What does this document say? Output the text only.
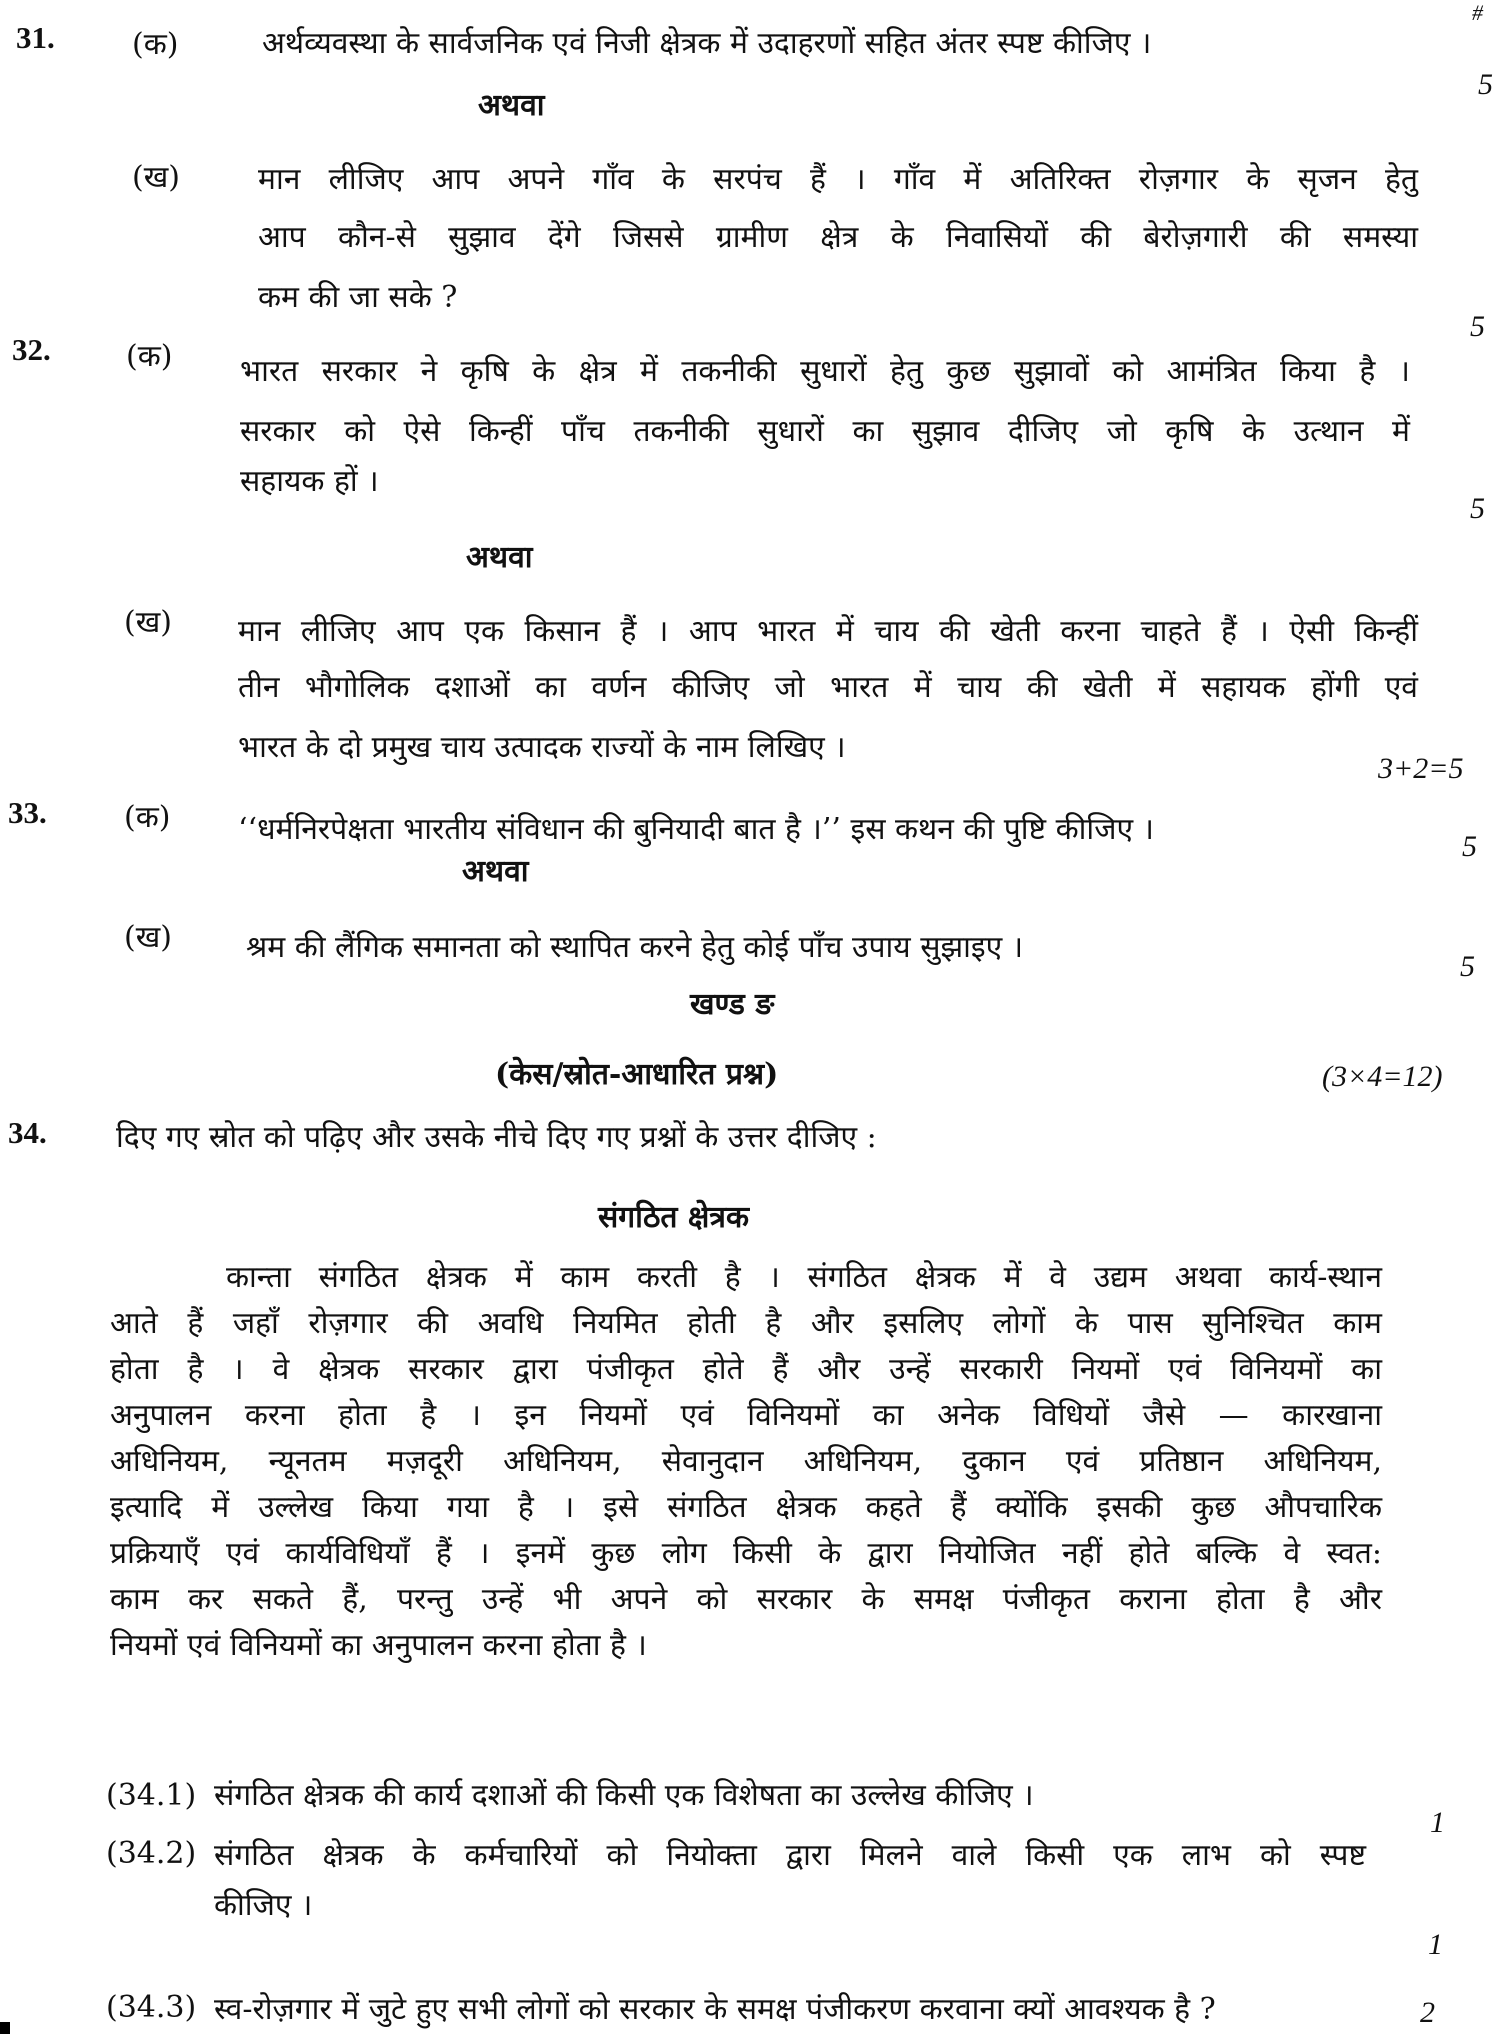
#
31.	(क)	अर्थव्यवस्था के सार्वजनिक एवं निजी क्षेत्रक में उदाहरणों सहित अंतर स्पष्ट कीजिए ।
5
अथवा
(ख)	मान लीजिए आप अपने गाँव के सरपंच हैं । गाँव में अतिरिक्त रोज़गार के सृजन हेतु
आप कौन-से सुझाव देंगे जिससे ग्रामीण क्षेत्र के निवासियों की बेरोज़गारी की समस्या
कम की जा सके ?
5
32.	(क) भारत सरकार ने कृषि के क्षेत्र में तकनीकी सुधारों हेतु कुछ सुझावों को आमंत्रित किया है ।
सरकार को ऐसे किन्हीं पाँच तकनीकी सुधारों का सुझाव दीजिए जो कृषि के उत्थान में
सहायक हों ।
5
अथवा
(ख) मान लीजिए आप एक किसान हैं । आप भारत में चाय की खेती करना चाहते हैं । ऐसी किन्हीं
तीन भौगोलिक दशाओं का वर्णन कीजिए जो भारत में चाय की खेती में सहायक होंगी एवं
भारत के दो प्रमुख चाय उत्पादक राज्यों के नाम लिखिए ।
3+2=5
33.	(क) ‘‘धर्मनिरपेक्षता भारतीय संविधान की बुनियादी बात है ।’’ इस कथन की पुष्टि कीजिए ।	5
अथवा
(ख) श्रम की लैंगिक समानता को स्थापित करने हेतु कोई पाँच उपाय सुझाइए ।
5
खण्ड ङ
(केस/स्रोत-आधारित प्रश्न)	(3×4=12)
34. दिए गए स्रोत को पढ़िए और उसके नीचे दिए गए प्रश्नों के उत्तर दीजिए :
संगठित क्षेत्रक
कान्ता संगठित क्षेत्रक में काम करती है । संगठित क्षेत्रक में वे उद्यम अथवा कार्य-स्थान
आते हैं जहाँ रोज़गार की अवधि नियमित होती है और इसलिए लोगों के पास सुनिश्चित काम
होता है । वे क्षेत्रक सरकार द्वारा पंजीकृत होते हैं और उन्हें सरकारी नियमों एवं विनियमों का
अनुपालन करना होता है । इन नियमों एवं विनियमों का अनेक विधियों जैसे — कारखाना
अधिनियम, न्यूनतम मज़दूरी अधिनियम, सेवानुदान अधिनियम, दुकान एवं प्रतिष्ठान अधिनियम,
इत्यादि में उल्लेख किया गया है । इसे संगठित क्षेत्रक कहते हैं क्योंकि इसकी कुछ औपचारिक
प्रक्रियाएँ एवं कार्यविधियाँ हैं । इनमें कुछ लोग किसी के द्वारा नियोजित नहीं होते बल्कि वे स्वत:
काम कर सकते हैं, परन्तु उन्हें भी अपने को सरकार के समक्ष पंजीकृत कराना होता है और
नियमों एवं विनियमों का अनुपालन करना होता है ।
(34.1) संगठित क्षेत्रक की कार्य दशाओं की किसी एक विशेषता का उल्लेख कीजिए ।
1
(34.2) संगठित क्षेत्रक के कर्मचारियों को नियोक्ता द्वारा मिलने वाले किसी एक लाभ को स्पष्ट
कीजिए ।
1
(34.3) स्व-रोज़गार में जुटे हुए सभी लोगों को सरकार के समक्ष पंजीकरण करवाना क्यों आवश्यक है ?	2
